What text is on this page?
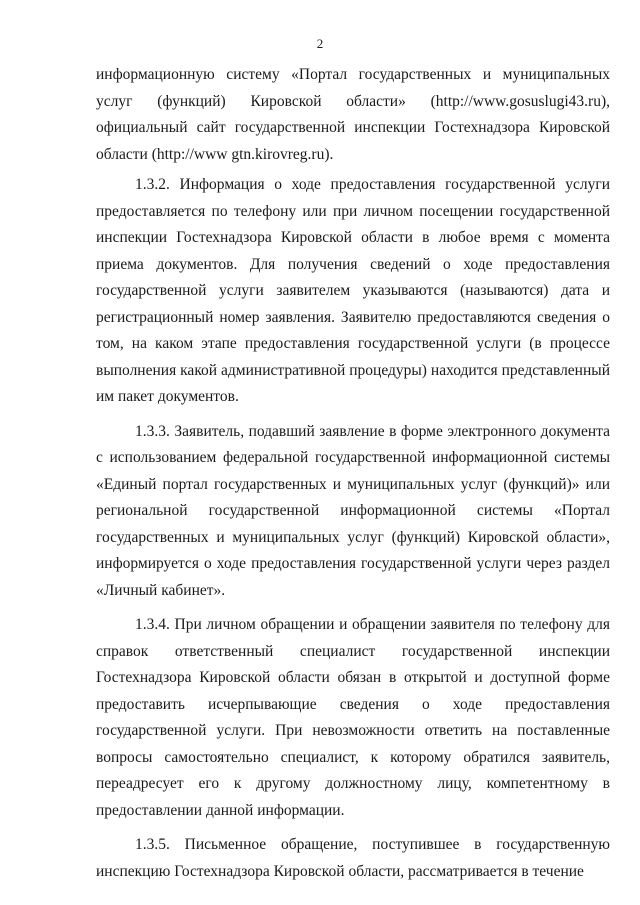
2

информационную систему «Портал государственных и муниципальных услуг (функций) Кировской области» (http://www.gosuslugi43.ru), официальный сайт государственной инспекции Гостехнадзора Кировской области (http://www gtn.kirovreg.ru).

1.3.2. Информация о ходе предоставления государственной услуги предоставляется по телефону или при личном посещении государственной инспекции Гостехнадзора Кировской области в любое время с момента приема документов. Для получения сведений о ходе предоставления государственной услуги заявителем указываются (называются) дата и регистрационный номер заявления. Заявителю предоставляются сведения о том, на каком этапе предоставления государственной услуги (в процессе выполнения какой административной процедуры) находится представленный им пакет документов.

1.3.3. Заявитель, подавший заявление в форме электронного документа с использованием федеральной государственной информационной системы «Единый портал государственных и муниципальных услуг (функций)» или региональной государственной информационной системы «Портал государственных и муниципальных услуг (функций) Кировской области», информируется о ходе предоставления государственной услуги через раздел «Личный кабинет».

1.3.4. При личном обращении и обращении заявителя по телефону для справок ответственный специалист государственной инспекции Гостехнадзора Кировской области обязан в открытой и доступной форме предоставить исчерпывающие сведения о ходе предоставления государственной услуги. При невозможности ответить на поставленные вопросы самостоятельно специалист, к которому обратился заявитель, переадресует его к другому должностному лицу, компетентному в предоставлении данной информации.

1.3.5. Письменное обращение, поступившее в государственную инспекцию Гостехнадзора Кировской области, рассматривается в течение
